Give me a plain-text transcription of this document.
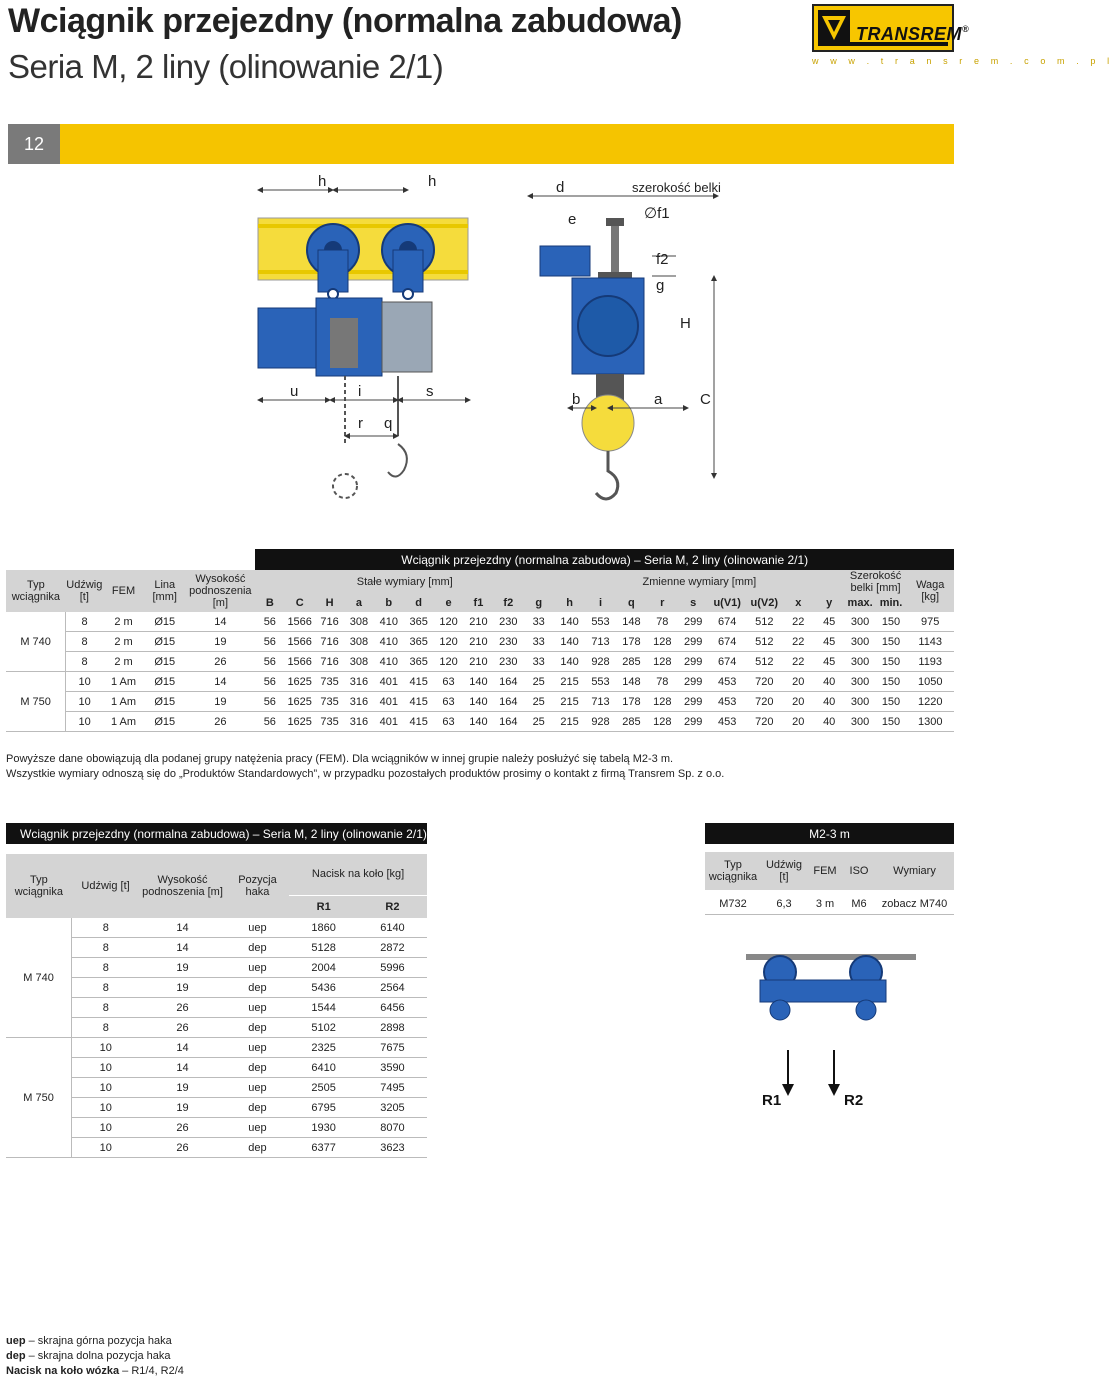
Wciągnik przejezdny (normalna zabudowa)
Seria M, 2 liny (olinowanie 2/1)
TRANSREM®
w w w . t r a n s r e m . c o m . p l
12
h	h	d	szerokość belki
e	∅f1
f2
g
H
u	i	s
r q
b	a	C
					Wciągnik przejezdny (normalna zabudowa) – Seria M, 2 liny (olinowanie 2/1)																					
Typ wciągnika	Udźwig [t]	FEM	Lina [mm]	Wysokość podnoszenia [m]	Stałe wymiary [mm]										Zmienne wymiary [mm]									Szerokość belki [mm]		Waga [kg]
					B	C	H	a	b	d	e	f1	f2	g	h	i	q	r	s	u(V1)	u(V2)	x	y	max.	min.	
M 740	8	2 m	Ø15	14	56	1566	716	308	410	365	120	210	230	33	140	553	148	78	299	674	512	22	45	300	150	975
	8	2 m	Ø15	19	56	1566	716	308	410	365	120	210	230	33	140	713	178	128	299	674	512	22	45	300	150	1143
	8	2 m	Ø15	26	56	1566	716	308	410	365	120	210	230	33	140	928	285	128	299	674	512	22	45	300	150	1193
M 750	10	1 Am	Ø15	14	56	1625	735	316	401	415	63	140	164	25	215	553	148	78	299	453	720	20	40	300	150	1050
	10	1 Am	Ø15	19	56	1625	735	316	401	415	63	140	164	25	215	713	178	128	299	453	720	20	40	300	150	1220
	10	1 Am	Ø15	26	56	1625	735	316	401	415	63	140	164	25	215	928	285	128	299	453	720	20	40	300	150	1300
Powyższe dane obowiązują dla podanej grupy natężenia pracy (FEM). Dla wciągników w innej grupie należy posłużyć się tabelą M2-3 m.
Wszystkie wymiary odnoszą się do „Produktów Standardowych”, w przypadku pozostałych produktów prosimy o kontakt z firmą Transrem Sp. z o.o.
Wciągnik przejezdny (normalna zabudowa) – Seria M, 2 liny (olinowanie 2/1)					

Typ wciągnika	Udźwig [t]	Wysokość podnoszenia [m]	Pozycja haka	Nacisk na koło [kg]	
				R1	R2
M 740	8	14	uep	1860	6140
	8	14	dep	5128	2872
	8	19	uep	2004	5996
	8	19	dep	5436	2564
	8	26	uep	1544	6456
	8	26	dep	5102	2898
M 750	10	14	uep	2325	7675
	10	14	dep	6410	3590
	10	19	uep	2505	7495
	10	19	dep	6795	3205
	10	26	uep	1930	8070
	10	26	dep	6377	3623
M2-3 m				

Typ wciągnika	Udźwig [t]	FEM	ISO	Wymiary

M732	6,3	3 m	M6	zobacz M740
R1	R2
uep – skrajna górna pozycja haka
dep – skrajna dolna pozycja haka
Nacisk na koło wózka – R1/4, R2/4
